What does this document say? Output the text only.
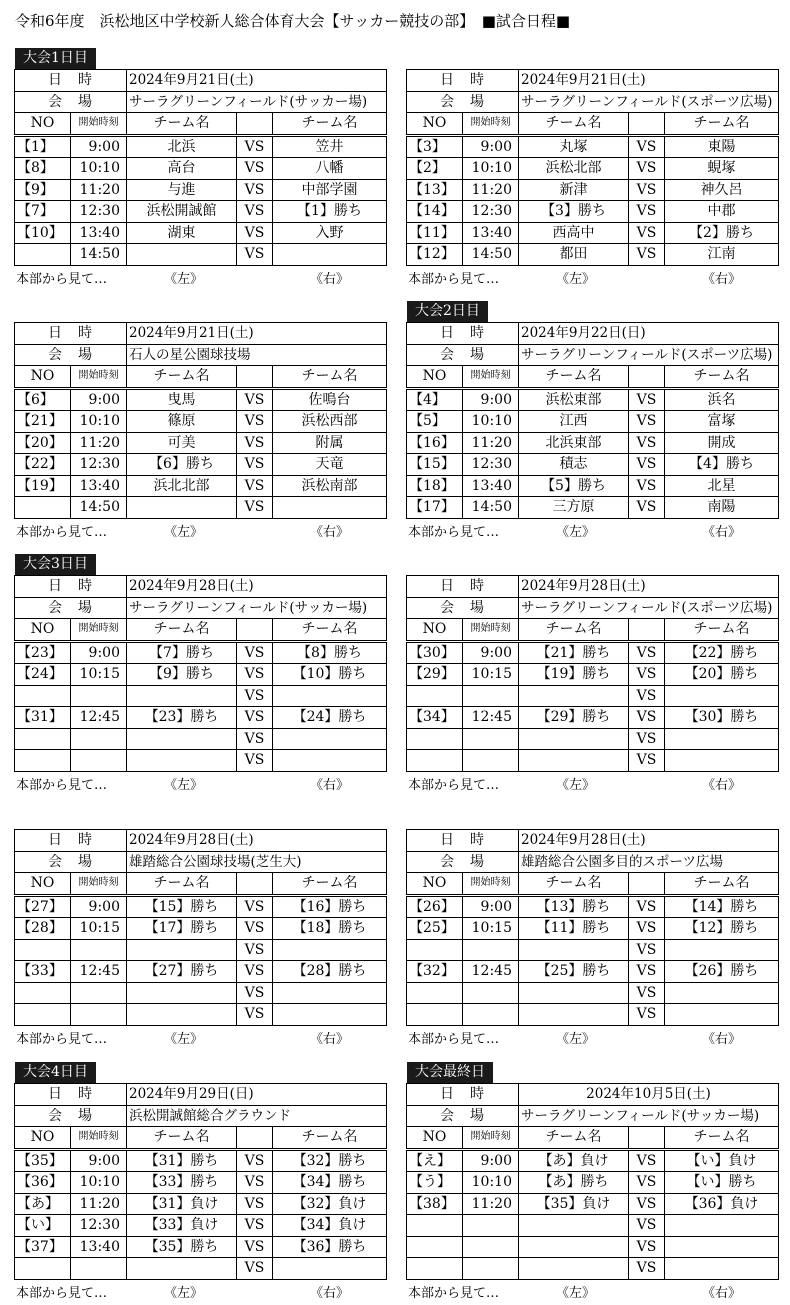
令和6年度　浜松地区中学校新人総合体育大会【サッカー競技の部】　■試合日程■
大会1日目
大会2日目
大会3日目
大会4日目	大会最終日
日　時	2024年9月21日(土)
会　場	サーラグリーンフィールド(サッカー場)
NO	開始時刻	チーム名		チーム名
【1】	9:00	北浜	VS	笠井
【8】	10:10	高台	VS	八幡
【9】	11:20	与進	VS	中部学園
【7】	12:30	浜松開誠館	VS	【1】勝ち
【10】	13:40	湖東	VS	入野
	14:50		VS	
本部から見て…	《左》	《右》
日　時	2024年9月21日(土)
会　場	サーラグリーンフィールド(スポーツ広場)
NO	開始時刻	チーム名		チーム名
【3】	9:00	丸塚	VS	東陽
【2】	10:10	浜松北部	VS	蜆塚
【13】	11:20	新津	VS	神久呂
【14】	12:30	【3】勝ち	VS	中郡
【11】	13:40	西高中	VS	【2】勝ち
【12】	14:50	都田	VS	江南
本部から見て…	《左》	《右》
日　時	2024年9月21日(土)
会　場	石人の星公園球技場
NO	開始時刻	チーム名		チーム名
【6】	9:00	曳馬	VS	佐鳴台
【21】	10:10	篠原	VS	浜松西部
【20】	11:20	可美	VS	附属
【22】	12:30	【6】勝ち	VS	天竜
【19】	13:40	浜北北部	VS	浜松南部
	14:50		VS	
本部から見て…	《左》	《右》
日　時	2024年9月22日(日)
会　場	サーラグリーンフィールド(スポーツ広場)
NO	開始時刻	チーム名		チーム名
【4】	9:00	浜松東部	VS	浜名
【5】	10:10	江西	VS	富塚
【16】	11:20	北浜東部	VS	開成
【15】	12:30	積志	VS	【4】勝ち
【18】	13:40	【5】勝ち	VS	北星
【17】	14:50	三方原	VS	南陽
本部から見て…	《左》	《右》
日　時	2024年9月28日(土)
会　場	サーラグリーンフィールド(サッカー場)
NO	開始時刻	チーム名		チーム名
【23】	9:00	【7】勝ち	VS	【8】勝ち
【24】	10:15	【9】勝ち	VS	【10】勝ち
			VS	
【31】	12:45	【23】勝ち	VS	【24】勝ち
			VS	
			VS	
本部から見て…	《左》	《右》
日　時	2024年9月28日(土)
会　場	サーラグリーンフィールド(スポーツ広場)
NO	開始時刻	チーム名		チーム名
【30】	9:00	【21】勝ち	VS	【22】勝ち
【29】	10:15	【19】勝ち	VS	【20】勝ち
			VS	
【34】	12:45	【29】勝ち	VS	【30】勝ち
			VS	
			VS	
本部から見て…	《左》	《右》
日　時	2024年9月28日(土)
会　場	雄踏総合公園球技場(芝生大)
NO	開始時刻	チーム名		チーム名
【27】	9:00	【15】勝ち	VS	【16】勝ち
【28】	10:15	【17】勝ち	VS	【18】勝ち
			VS	
【33】	12:45	【27】勝ち	VS	【28】勝ち
			VS	
			VS	
本部から見て…	《左》	《右》
日　時	2024年9月28日(土)
会　場	雄踏総合公園多目的スポーツ広場
NO	開始時刻	チーム名		チーム名
【26】	9:00	【13】勝ち	VS	【14】勝ち
【25】	10:15	【11】勝ち	VS	【12】勝ち
			VS	
【32】	12:45	【25】勝ち	VS	【26】勝ち
			VS	
			VS	
本部から見て…	《左》	《右》
日　時	2024年9月29日(日)
会　場	浜松開誠館総合グラウンド
NO	開始時刻	チーム名		チーム名
【35】	9:00	【31】勝ち	VS	【32】勝ち
【36】	10:10	【33】勝ち	VS	【34】勝ち
【あ】	11:20	【31】負け	VS	【32】負け
【い】	12:30	【33】負け	VS	【34】負け
【37】	13:40	【35】勝ち	VS	【36】勝ち
			VS	
本部から見て…	《左》	《右》
日　時	2024年10月5日(土)
会　場	サーラグリーンフィールド(サッカー場)
NO	開始時刻	チーム名		チーム名
【え】	9:00	【あ】負け	VS	【い】負け
【う】	10:10	【あ】勝ち	VS	【い】勝ち
【38】	11:20	【35】負け	VS	【36】負け
			VS	
			VS	
			VS	
本部から見て…	《左》	《右》
